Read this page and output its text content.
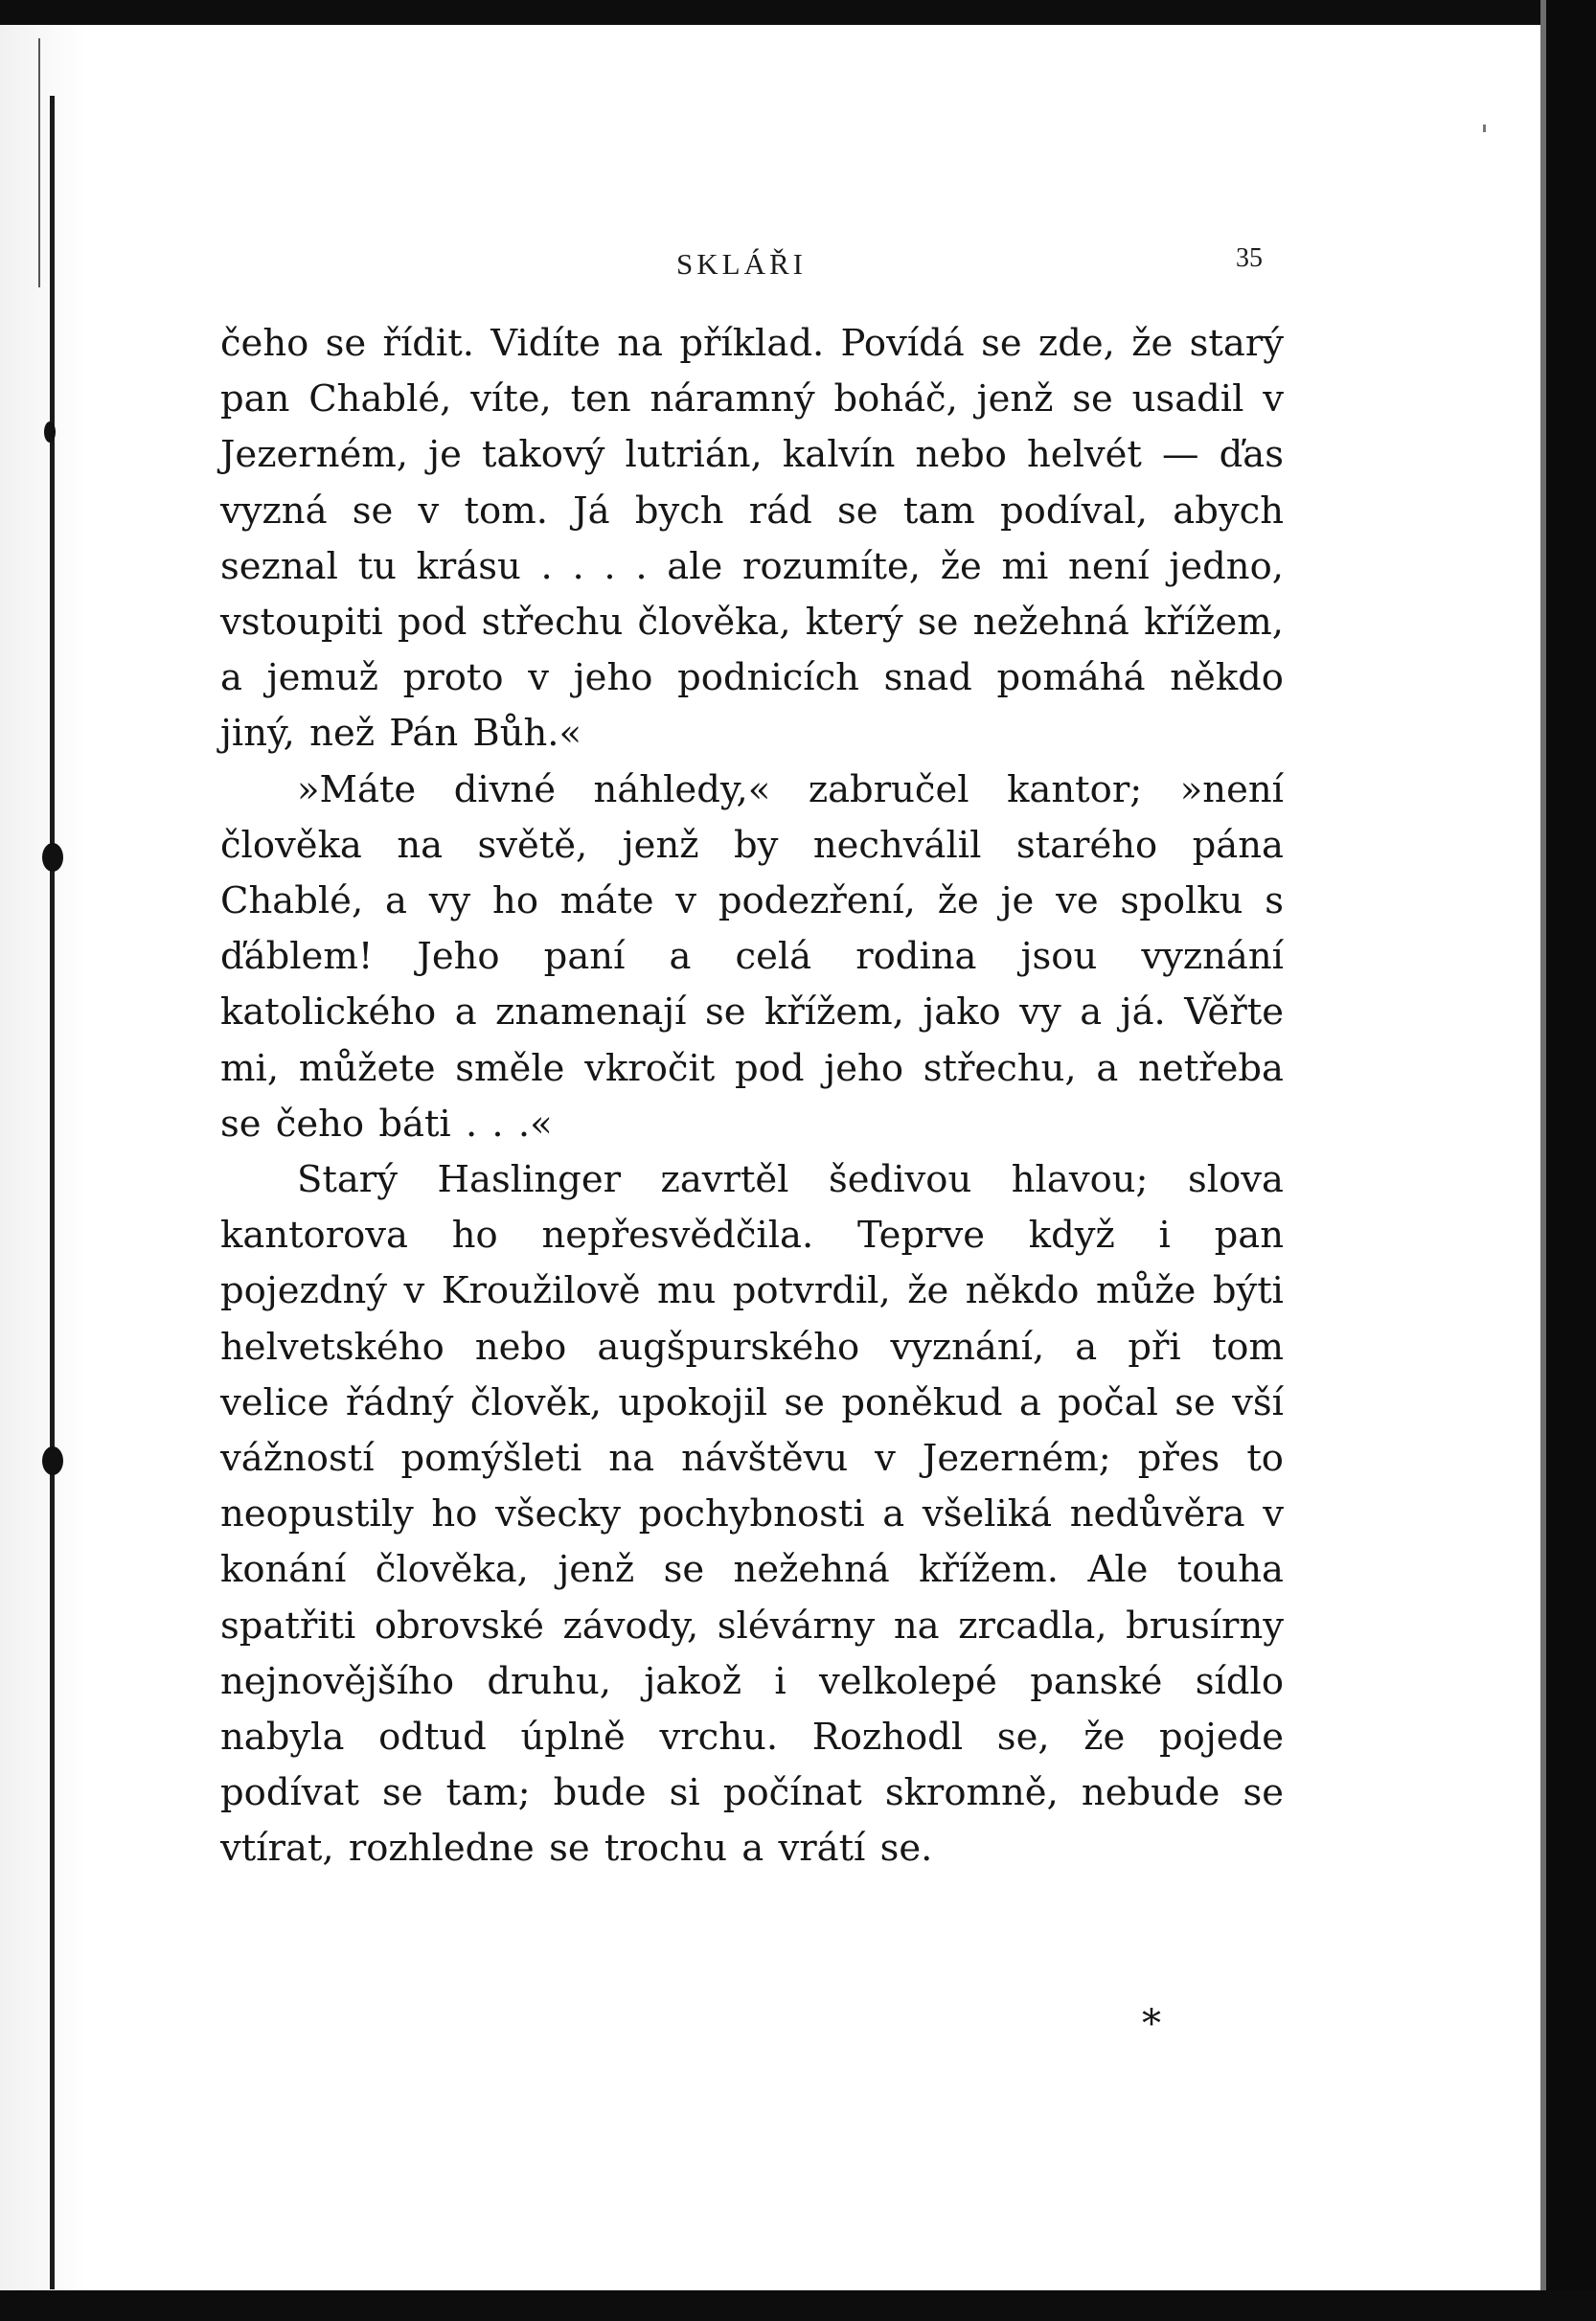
SKLÁŘI	35

čeho se řídit. Vidíte na příklad. Povídá se zde, že starý pan Chablé, víte, ten náramný boháč, jenž se usadil v Jezerném, je takový lutrián, kalvín nebo helvét — ďas vyzná se v tom. Já bych rád se tam podíval, abych seznal tu krásu . . . . ale rozumíte, že mi není jedno, vstoupiti pod střechu člověka, který se nežehná křížem, a jemuž proto v jeho podnicích snad pomáhá někdo jiný, než Pán Bůh.«

»Máte divné náhledy,« zabručel kantor; »není člověka na světě, jenž by nechválil starého pána Chablé, a vy ho máte v podezření, že je ve spolku s ďáblem! Jeho paní a celá rodina jsou vyznání katolického a znamenají se křížem, jako vy a já. Věřte mi, můžete směle vkročit pod jeho střechu, a netřeba se čeho báti . . .«

Starý Haslinger zavrtěl šedivou hlavou; slova kantorova ho nepřesvědčila. Teprve když i pan pojezdný v Kroužilově mu potvrdil, že někdo může býti helvetského nebo augšpurského vyznání, a při tom velice řádný člověk, upokojil se poněkud a počal se vší vážností pomýšleti na návštěvu v Jezerném; přes to neopustily ho všecky pochybnosti a všeliká nedůvěra v konání člověka, jenž se nežehná křížem. Ale touha spatřiti obrovské závody, slévárny na zrcadla, brusírny nejnovějšího druhu, jakož i velkolepé panské sídlo nabyla odtud úplně vrchu. Rozhodl se, že pojede podívat se tam; bude si počínat skromně, nebude se vtírat, rozhledne se trochu a vrátí se.

*
